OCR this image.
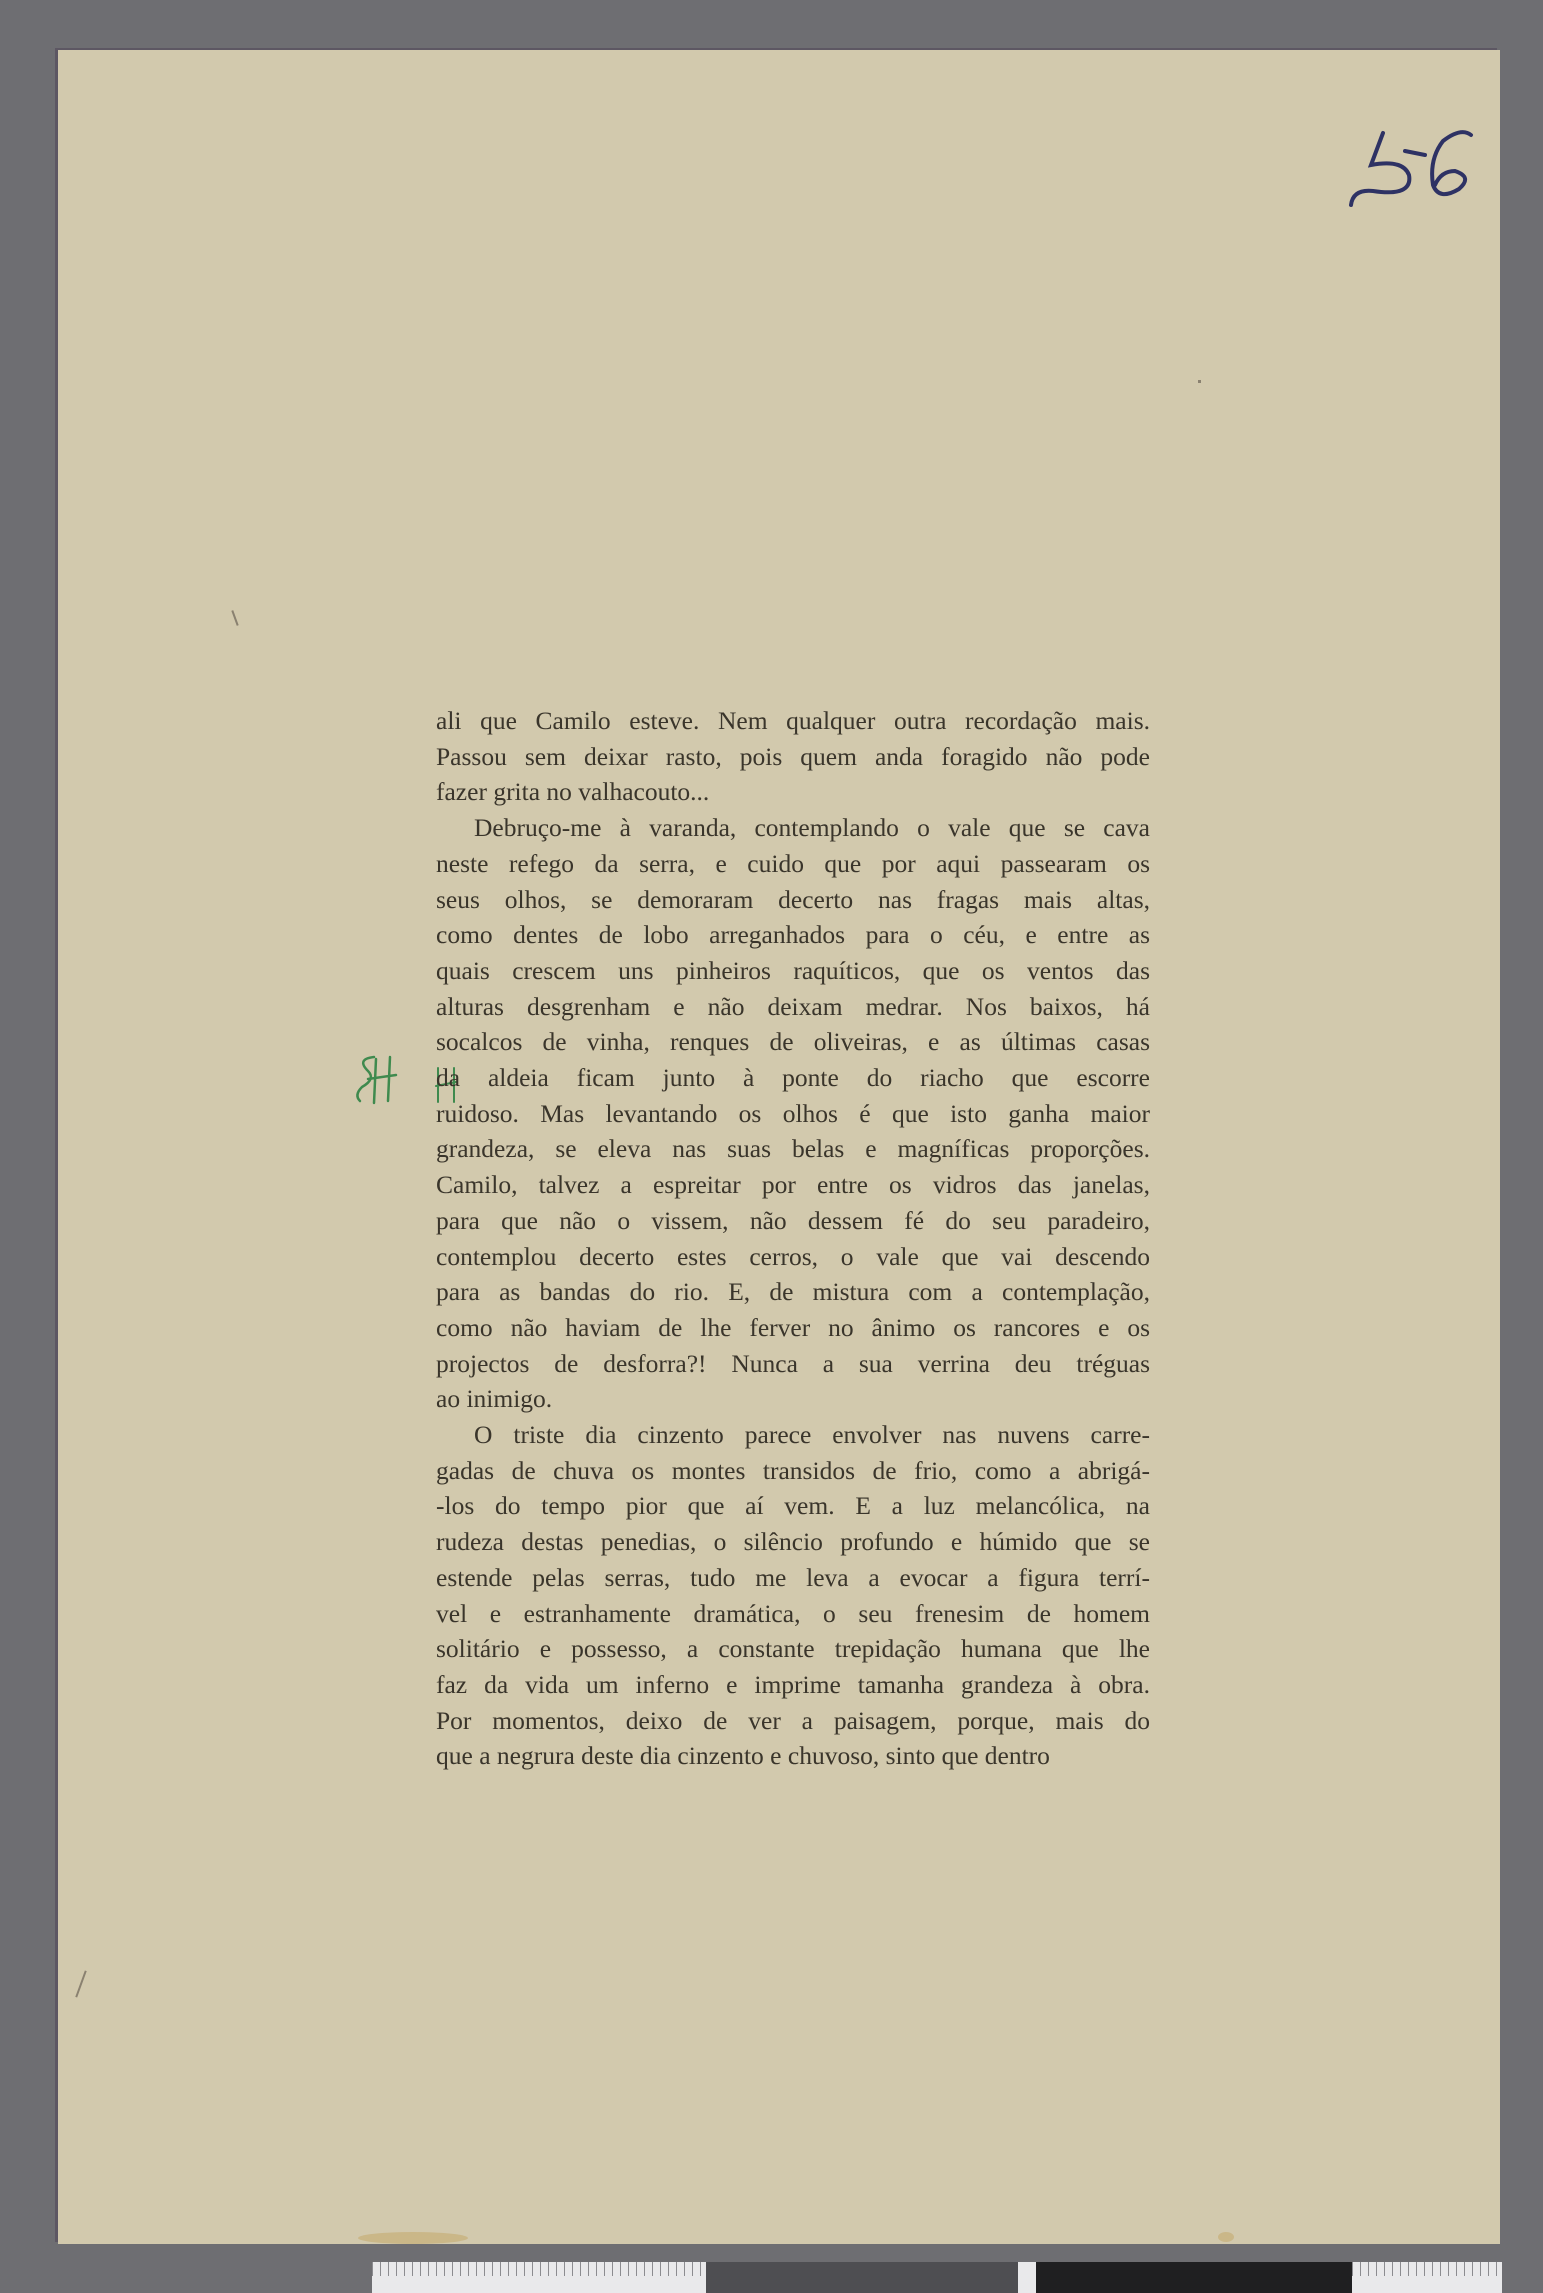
ali que Camilo esteve. Nem qualquer outra recordação mais.
Passou sem deixar rasto, pois quem anda foragido não pode
fazer grita no valhacouto...

Debruço-me à varanda, contemplando o vale que se cava
neste refego da serra, e cuido que por aqui passearam os
seus olhos, se demoraram decerto nas fragas mais altas,
como dentes de lobo arreganhados para o céu, e entre as
quais crescem uns pinheiros raquíticos, que os ventos das
alturas desgrenham e não deixam medrar. Nos baixos, há
socalcos de vinha, renques de oliveiras, e as últimas casas
da aldeia ficam junto à ponte do riacho que escorre
ruidoso. Mas levantando os olhos é que isto ganha maior
grandeza, se eleva nas suas belas e magníficas proporções.
Camilo, talvez a espreitar por entre os vidros das janelas,
para que não o vissem, não dessem fé do seu paradeiro,
contemplou decerto estes cerros, o vale que vai descendo
para as bandas do rio. E, de mistura com a contemplação,
como não haviam de lhe ferver no ânimo os rancores e os
projectos de desforra?! Nunca a sua verrina deu tréguas
ao inimigo.

O triste dia cinzento parece envolver nas nuvens carre-
gadas de chuva os montes transidos de frio, como a abrigá-
-los do tempo pior que aí vem. E a luz melancólica, na
rudeza destas penedias, o silêncio profundo e húmido que se
estende pelas serras, tudo me leva a evocar a figura terrí-
vel e estranhamente dramática, o seu frenesim de homem
solitário e possesso, a constante trepidação humana que lhe
faz da vida um inferno e imprime tamanha grandeza à obra.
Por momentos, deixo de ver a paisagem, porque, mais do
que a negrura deste dia cinzento e chuvoso, sinto que dentro
